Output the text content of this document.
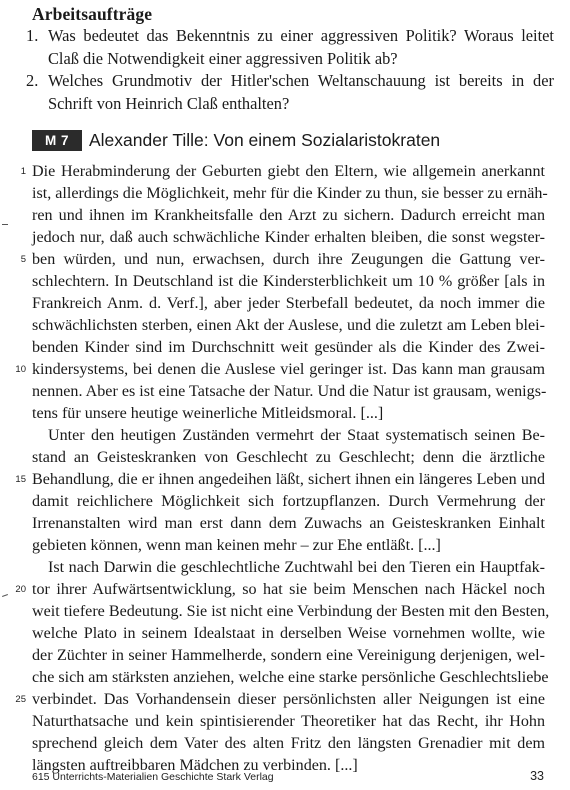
Arbeitsaufträge
1. Was bedeutet das Bekenntnis zu einer aggressiven Politik? Woraus leitet Claß die Notwendigkeit einer aggressiven Politik ab?
2. Welches Grundmotiv der Hitler'schen Weltanschauung ist bereits in der Schrift von Heinrich Claß enthalten?
M 7	Alexander Tille: Von einem Sozialaristokraten
Die Herabminderung der Geburten giebt den Eltern, wie allgemein anerkannt
ist, allerdings die Möglichkeit, mehr für die Kinder zu thun, sie besser zu ernäh-
ren und ihnen im Krankheitsfalle den Arzt zu sichern. Dadurch erreicht man
jedoch nur, daß auch schwächliche Kinder erhalten bleiben, die sonst wegster-
ben würden, und nun, erwachsen, durch ihre Zeugungen die Gattung ver-
schlechtern. In Deutschland ist die Kindersterblichkeit um 10 % größer [als in
Frankreich Anm. d. Verf.], aber jeder Sterbefall bedeutet, da noch immer die
schwächlichsten sterben, einen Akt der Auslese, und die zuletzt am Leben blei-
benden Kinder sind im Durchschnitt weit gesünder als die Kinder des Zwei-
kindersystems, bei denen die Auslese viel geringer ist. Das kann man grausam
nennen. Aber es ist eine Tatsache der Natur. Und die Natur ist grausam, wenigs-
tens für unsere heutige weinerliche Mitleidsmoral. [...]
Unter den heutigen Zuständen vermehrt der Staat systematisch seinen Be-
stand an Geisteskranken von Geschlecht zu Geschlecht; denn die ärztliche
Behandlung, die er ihnen angedeihen läßt, sichert ihnen ein längeres Leben und
damit reichlichere Möglichkeit sich fortzupflanzen. Durch Vermehrung der
Irrenanstalten wird man erst dann dem Zuwachs an Geisteskranken Einhalt
gebieten können, wenn man keinen mehr – zur Ehe entläßt. [...]
Ist nach Darwin die geschlechtliche Zuchtwahl bei den Tieren ein Hauptfak-
tor ihrer Aufwärtsentwicklung, so hat sie beim Menschen nach Häckel noch
weit tiefere Bedeutung. Sie ist nicht eine Verbindung der Besten mit den Besten,
welche Plato in seinem Idealstaat in derselben Weise vornehmen wollte, wie
der Züchter in seiner Hammelherde, sondern eine Vereinigung derjenigen, wel-
che sich am stärksten anziehen, welche eine starke persönliche Geschlechtsliebe
verbindet. Das Vorhandensein dieser persönlichsten aller Neigungen ist eine
Naturthatsache und kein spintisierender Theoretiker hat das Recht, ihr Hohn
sprechend gleich dem Vater des alten Fritz den längsten Grenadier mit dem
längsten auftreibbaren Mädchen zu verbinden. [...]
1
5
10
15
20
25
615 Unterrichts-Materialien Geschichte Stark Verlag	33
